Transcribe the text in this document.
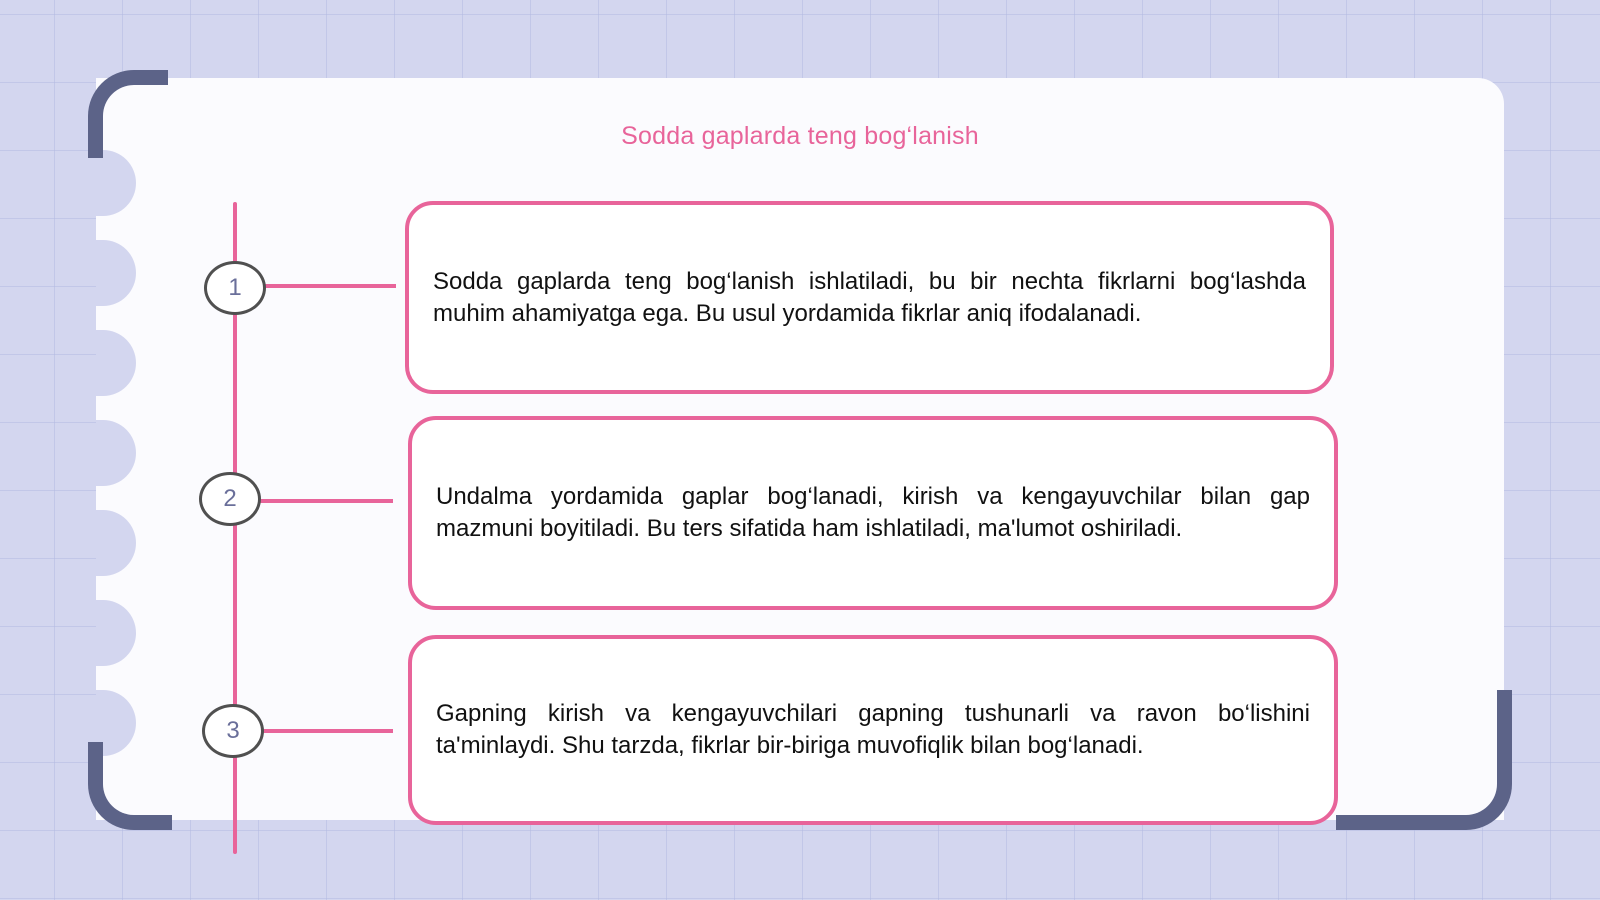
Sodda gaplarda teng bog‘lanish
1	Sodda gaplarda teng bog‘lanish ishlatiladi, bu bir nechta fikrlarni bog‘lashda muhim ahamiyatga ega. Bu usul yordamida fikrlar aniq ifodalanadi.
2	Undalma yordamida gaplar bog‘lanadi, kirish va kengayuvchilar bilan gap mazmuni boyitiladi. Bu ters sifatida ham ishlatiladi, ma'lumot oshiriladi.
3
Gapning kirish va kengayuvchilari gapning tushunarli va ravon bo‘lishini ta'minlaydi. Shu tarzda, fikrlar bir-biriga muvofiqlik bilan bog‘lanadi.
